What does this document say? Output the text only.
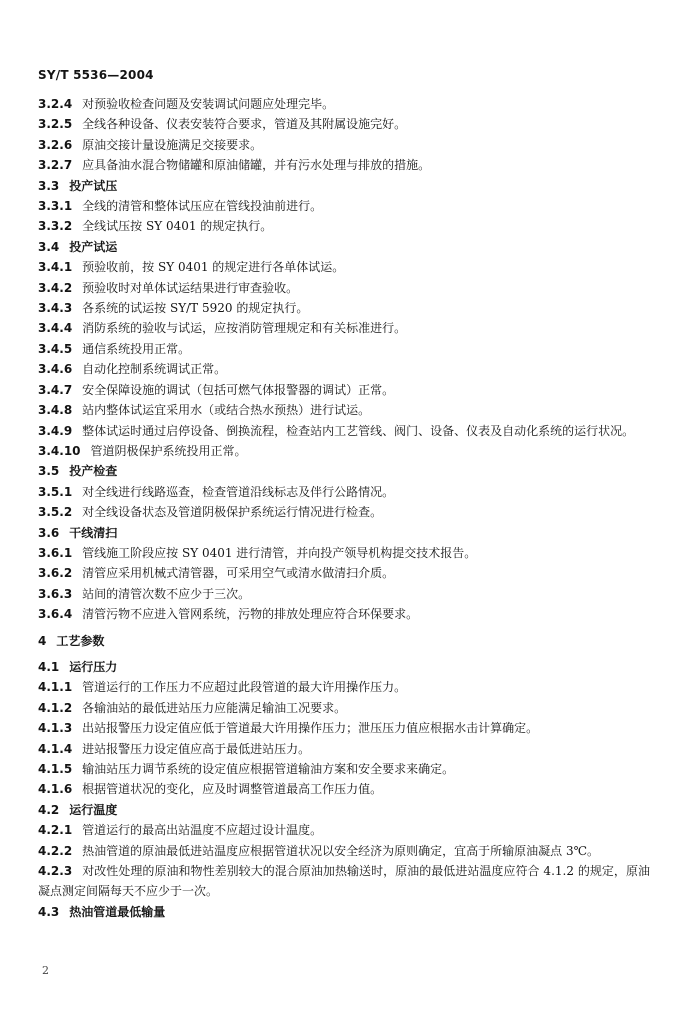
SY/T 5536—2004
3.2.4 对预验收检查问题及安装调试问题应处理完毕。
3.2.5 全线各种设备、仪表安装符合要求，管道及其附属设施完好。
3.2.6 原油交接计量设施满足交接要求。
3.2.7 应具备油水混合物储罐和原油储罐，并有污水处理与排放的措施。
3.3 投产试压
3.3.1 全线的清管和整体试压应在管线投油前进行。
3.3.2 全线试压按 SY 0401 的规定执行。
3.4 投产试运
3.4.1 预验收前，按 SY 0401 的规定进行各单体试运。
3.4.2 预验收时对单体试运结果进行审查验收。
3.4.3 各系统的试运按 SY/T 5920 的规定执行。
3.4.4 消防系统的验收与试运，应按消防管理规定和有关标准进行。
3.4.5 通信系统投用正常。
3.4.6 自动化控制系统调试正常。
3.4.7 安全保障设施的调试（包括可燃气体报警器的调试）正常。
3.4.8 站内整体试运宜采用水（或结合热水预热）进行试运。
3.4.9 整体试运时通过启停设备、倒换流程，检查站内工艺管线、阀门、设备、仪表及自动化系统的运行状况。
3.4.10 管道阴极保护系统投用正常。
3.5 投产检查
3.5.1 对全线进行线路巡查，检查管道沿线标志及伴行公路情况。
3.5.2 对全线设备状态及管道阴极保护系统运行情况进行检查。
3.6 干线清扫
3.6.1 管线施工阶段应按 SY 0401 进行清管，并向投产领导机构提交技术报告。
3.6.2 清管应采用机械式清管器，可采用空气或清水做清扫介质。
3.6.3 站间的清管次数不应少于三次。
3.6.4 清管污物不应进入管网系统，污物的排放处理应符合环保要求。
4 工艺参数
4.1 运行压力
4.1.1 管道运行的工作压力不应超过此段管道的最大许用操作压力。
4.1.2 各输油站的最低进站压力应能满足输油工况要求。
4.1.3 出站报警压力设定值应低于管道最大许用操作压力；泄压压力值应根据水击计算确定。
4.1.4 进站报警压力设定值应高于最低进站压力。
4.1.5 输油站压力调节系统的设定值应根据管道输油方案和安全要求来确定。
4.1.6 根据管道状况的变化，应及时调整管道最高工作压力值。
4.2 运行温度
4.2.1 管道运行的最高出站温度不应超过设计温度。
4.2.2 热油管道的原油最低进站温度应根据管道状况以安全经济为原则确定，宜高于所输原油凝点 3℃。
4.2.3 对改性处理的原油和物性差别较大的混合原油加热输送时，原油的最低进站温度应符合 4.1.2 的规定，原油凝点测定间隔每天不应少于一次。
4.3 热油管道最低输量
2
